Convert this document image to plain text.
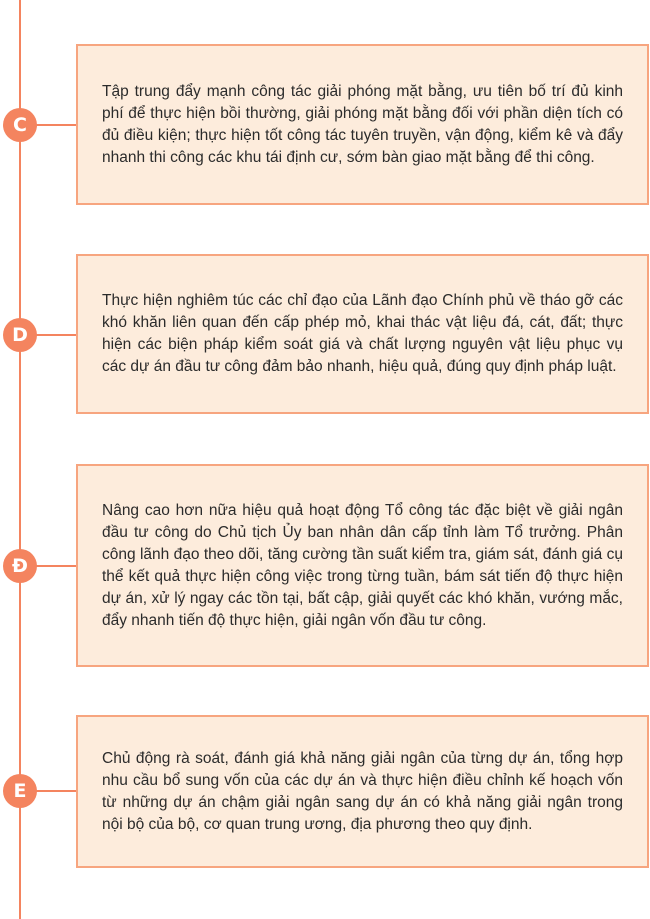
C

Tập trung đẩy mạnh công tác giải phóng mặt bằng, ưu tiên bố trí đủ kinh phí để thực hiện bồi thường, giải phóng mặt bằng đối với phần diện tích có đủ điều kiện; thực hiện tốt công tác tuyên truyền, vận động, kiểm kê và đẩy nhanh thi công các khu tái định cư, sớm bàn giao mặt bằng để thi công.

D

Thực hiện nghiêm túc các chỉ đạo của Lãnh đạo Chính phủ về tháo gỡ các khó khăn liên quan đến cấp phép mỏ, khai thác vật liệu đá, cát, đất; thực hiện các biện pháp kiểm soát giá và chất lượng nguyên vật liệu phục vụ các dự án đầu tư công đảm bảo nhanh, hiệu quả, đúng quy định pháp luật.

Đ

Nâng cao hơn nữa hiệu quả hoạt động Tổ công tác đặc biệt về giải ngân đầu tư công do Chủ tịch Ủy ban nhân dân cấp tỉnh làm Tổ trưởng. Phân công lãnh đạo theo dõi, tăng cường tần suất kiểm tra, giám sát, đánh giá cụ thể kết quả thực hiện công việc trong từng tuần, bám sát tiến độ thực hiện dự án, xử lý ngay các tồn tại, bất cập, giải quyết các khó khăn, vướng mắc, đẩy nhanh tiến độ thực hiện, giải ngân vốn đầu tư công.

E

Chủ động rà soát, đánh giá khả năng giải ngân của từng dự án, tổng hợp nhu cầu bổ sung vốn của các dự án và thực hiện điều chỉnh kế hoạch vốn từ những dự án chậm giải ngân sang dự án có khả năng giải ngân trong nội bộ của bộ, cơ quan trung ương, địa phương theo quy định.
